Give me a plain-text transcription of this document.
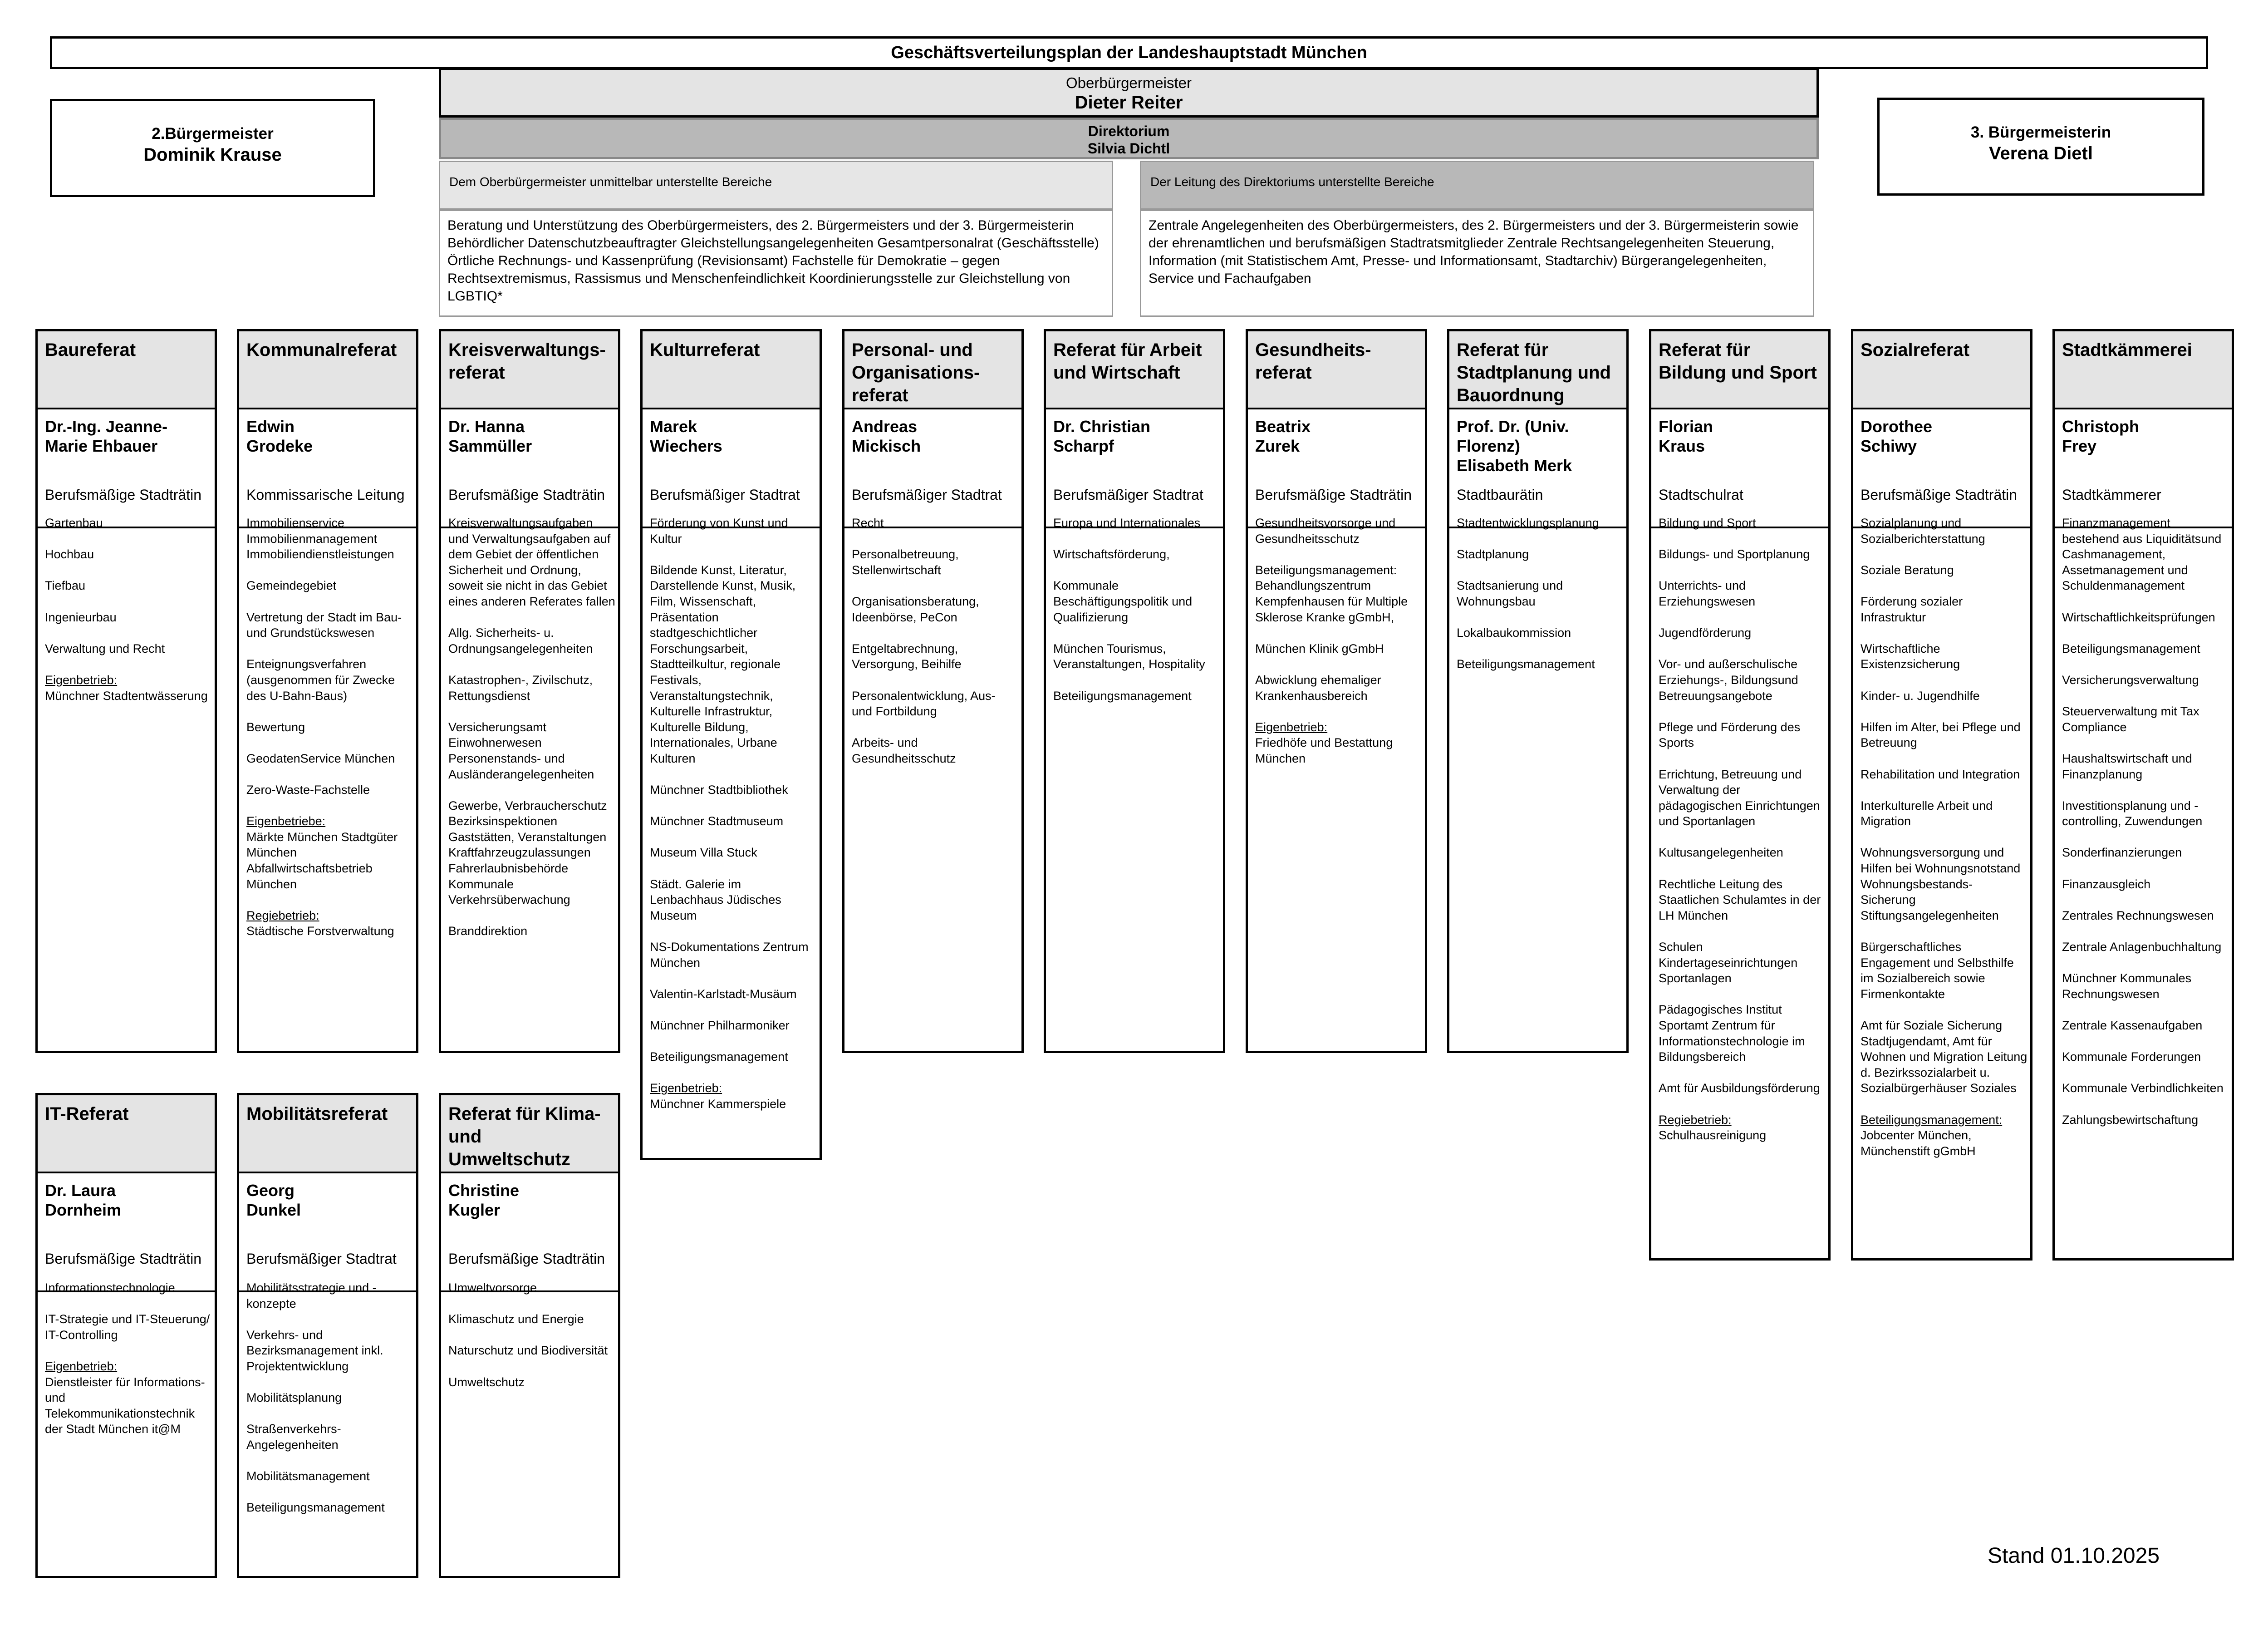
Geschäftsverteilungsplan der Landeshauptstadt München
2.Bürgermeister
Dominik Krause
3. Bürgermeisterin
Verena Dietl
Oberbürgermeister
Dieter Reiter
Direktorium
Silvia Dichtl
Dem Oberbürgermeister unmittelbar unterstellte Bereiche
Beratung und Unterstützung des Oberbürgermeisters, des 2. Bürgermeisters und der 3. Bürgermeisterin Behördlicher Datenschutzbeauftragter Gleichstellungsangelegenheiten Gesamtpersonalrat (Geschäftsstelle) Örtliche Rechnungs- und Kassenprüfung (Revisionsamt) Fachstelle für Demokratie – gegen Rechtsextremismus, Rassismus und Menschenfeindlichkeit Koordinierungsstelle zur Gleichstellung von LGBTIQ*
Der Leitung des Direktoriums unterstellte Bereiche
Zentrale Angelegenheiten des Oberbürgermeisters, des 2. Bürgermeisters und der 3. Bürgermeisterin sowie der ehrenamtlichen und berufsmäßigen Stadtratsmitglieder Zentrale Rechtsangelegenheiten Steuerung, Information (mit Statistischem Amt, Presse- und Informationsamt, Stadtarchiv) Bürgerangelegenheiten, Service und Fachaufgaben
Baureferat
Dr.-Ing. Jeanne-
Marie Ehbauer
Berufsmäßige Stadträtin
Gartenbau
Hochbau
Tiefbau
Ingenieurbau
Verwaltung und Recht
Eigenbetrieb:
Münchner Stadtentwässerung
Kommunalreferat
Edwin
Grodeke
Kommissarische Leitung
Immobilienservice Immobilienmanagement Immobiliendienstleistungen
Gemeindegebiet
Vertretung der Stadt im Bau- und Grundstückswesen
Enteignungsverfahren (ausgenommen für Zwecke des U-Bahn-Baus)
Bewertung
GeodatenService München
Zero-Waste-Fachstelle
Eigenbetriebe:
Märkte München Stadtgüter München Abfallwirtschaftsbetrieb München
Regiebetrieb:
Städtische Forstverwaltung
Kreisverwaltungs-
referat
Dr. Hanna
Sammüller
Berufsmäßige Stadträtin
Kreisverwaltungsaufgaben und Verwaltungsaufgaben auf dem Gebiet der öffentlichen Sicherheit und Ordnung, soweit sie nicht in das Gebiet eines anderen Referates fallen
Allg. Sicherheits- u. Ordnungsangelegenheiten
Katastrophen-, Zivilschutz, Rettungsdienst
Versicherungsamt Einwohnerwesen Personenstands- und Ausländerangelegenheiten
Gewerbe, Verbraucherschutz Bezirksinspektionen Gaststätten, Veranstaltungen Kraftfahrzeugzulassungen Fahrerlaubnisbehörde Kommunale Verkehrsüberwachung
Branddirektion
Kulturreferat
Marek
Wiechers
Berufsmäßiger Stadtrat
Förderung von Kunst und Kultur
Bildende Kunst, Literatur, Darstellende Kunst, Musik, Film, Wissenschaft, Präsentation stadtgeschichtlicher Forschungsarbeit, Stadtteilkultur, regionale Festivals, Veranstaltungstechnik, Kulturelle Infrastruktur, Kulturelle Bildung, Internationales, Urbane Kulturen
Münchner Stadtbibliothek
Münchner Stadtmuseum
Museum Villa Stuck
Städt. Galerie im Lenbachhaus Jüdisches Museum
NS-Dokumentations Zentrum München
Valentin-Karlstadt-Musäum
Münchner Philharmoniker
Beteiligungsmanagement
Eigenbetrieb:
Münchner Kammerspiele
Personal- und
Organisations-
referat
Andreas
Mickisch
Berufsmäßiger Stadtrat
Recht
Personalbetreuung, Stellenwirtschaft
Organisationsberatung, Ideenbörse, PeCon
Entgeltabrechnung, Versorgung, Beihilfe
Personalentwicklung, Aus- und Fortbildung
Arbeits- und Gesundheitsschutz
Referat für Arbeit
und Wirtschaft
Dr. Christian
Scharpf
Berufsmäßiger Stadtrat
Europa und Internationales
Wirtschaftsförderung,
Kommunale Beschäftigungspolitik und Qualifizierung
München Tourismus, Veranstaltungen, Hospitality
Beteiligungsmanagement
Gesundheits-
referat
Beatrix
Zurek
Berufsmäßige Stadträtin
Gesundheitsvorsorge und Gesundheitsschutz
Beteiligungsmanagement: Behandlungszentrum Kempfenhausen für Multiple Sklerose Kranke gGmbH,
München Klinik gGmbH
Abwicklung ehemaliger Krankenhausbereich
Eigenbetrieb:
Friedhöfe und Bestattung München
Referat für
Stadtplanung und
Bauordnung
Prof. Dr. (Univ.
Florenz)
Elisabeth Merk
Stadtbaurätin
Stadtentwicklungsplanung
Stadtplanung
Stadtsanierung und Wohnungsbau
Lokalbaukommission
Beteiligungsmanagement
Referat für
Bildung und Sport
Florian
Kraus
Stadtschulrat
Bildung und Sport
Bildungs- und Sportplanung
Unterrichts- und Erziehungswesen
Jugendförderung
Vor- und außerschulische Erziehungs-, Bildungsund Betreuungsangebote
Pflege und Förderung des Sports
Errichtung, Betreuung und Verwaltung der pädagogischen Einrichtungen und Sportanlagen
Kultusangelegenheiten
Rechtliche Leitung des Staatlichen Schulamtes in der LH München
Schulen Kindertageseinrichtungen Sportanlagen
Pädagogisches Institut Sportamt Zentrum für Informationstechnologie im Bildungsbereich
Amt für Ausbildungsförderung
Regiebetrieb:
Schulhausreinigung
Sozialreferat
Dorothee
Schiwy
Berufsmäßige Stadträtin
Sozialplanung und Sozialberichterstattung
Soziale Beratung
Förderung sozialer Infrastruktur
Wirtschaftliche Existenzsicherung
Kinder- u. Jugendhilfe
Hilfen im Alter, bei Pflege und Betreuung
Rehabilitation und Integration
Interkulturelle Arbeit und Migration
Wohnungsversorgung und Hilfen bei Wohnungsnotstand Wohnungsbestands-Sicherung Stiftungsangelegenheiten
Bürgerschaftliches Engagement und Selbsthilfe im Sozialbereich sowie Firmenkontakte
Amt für Soziale Sicherung Stadtjugendamt, Amt für Wohnen und Migration Leitung d. Bezirkssozialarbeit u. Sozialbürgerhäuser Soziales
Beteiligungsmanagement:
Jobcenter München, Münchenstift gGmbH
Stadtkämmerei
Christoph
Frey
Stadtkämmerer
Finanzmanagement bestehend aus Liquiditätsund Cashmanagement, Assetmanagement und Schuldenmanagement
Wirtschaftlichkeitsprüfungen
Beteiligungsmanagement
Versicherungsverwaltung
Steuerverwaltung mit Tax Compliance
Haushaltswirtschaft und Finanzplanung
Investitionsplanung und -controlling, Zuwendungen
Sonderfinanzierungen
Finanzausgleich
Zentrales Rechnungswesen
Zentrale Anlagenbuchhaltung
Münchner Kommunales Rechnungswesen
Zentrale Kassenaufgaben
Kommunale Forderungen
Kommunale Verbindlichkeiten
Zahlungsbewirtschaftung
IT-Referat
Dr. Laura
Dornheim
Berufsmäßige Stadträtin
Informationstechnologie
IT-Strategie und IT-Steuerung/ IT-Controlling
Eigenbetrieb:
Dienstleister für Informations- und Telekommunikationstechnik der Stadt München it@M
Mobilitätsreferat
Georg
Dunkel
Berufsmäßiger Stadtrat
Mobilitätsstrategie und -konzepte
Verkehrs- und Bezirksmanagement inkl. Projektentwicklung
Mobilitätsplanung
Straßenverkehrs-Angelegenheiten
Mobilitätsmanagement
Beteiligungsmanagement
Referat für Klima-
und
Umweltschutz
Christine
Kugler
Berufsmäßige Stadträtin
Umweltvorsorge
Klimaschutz und Energie
Naturschutz und Biodiversität
Umweltschutz
Stand 01.10.2025
